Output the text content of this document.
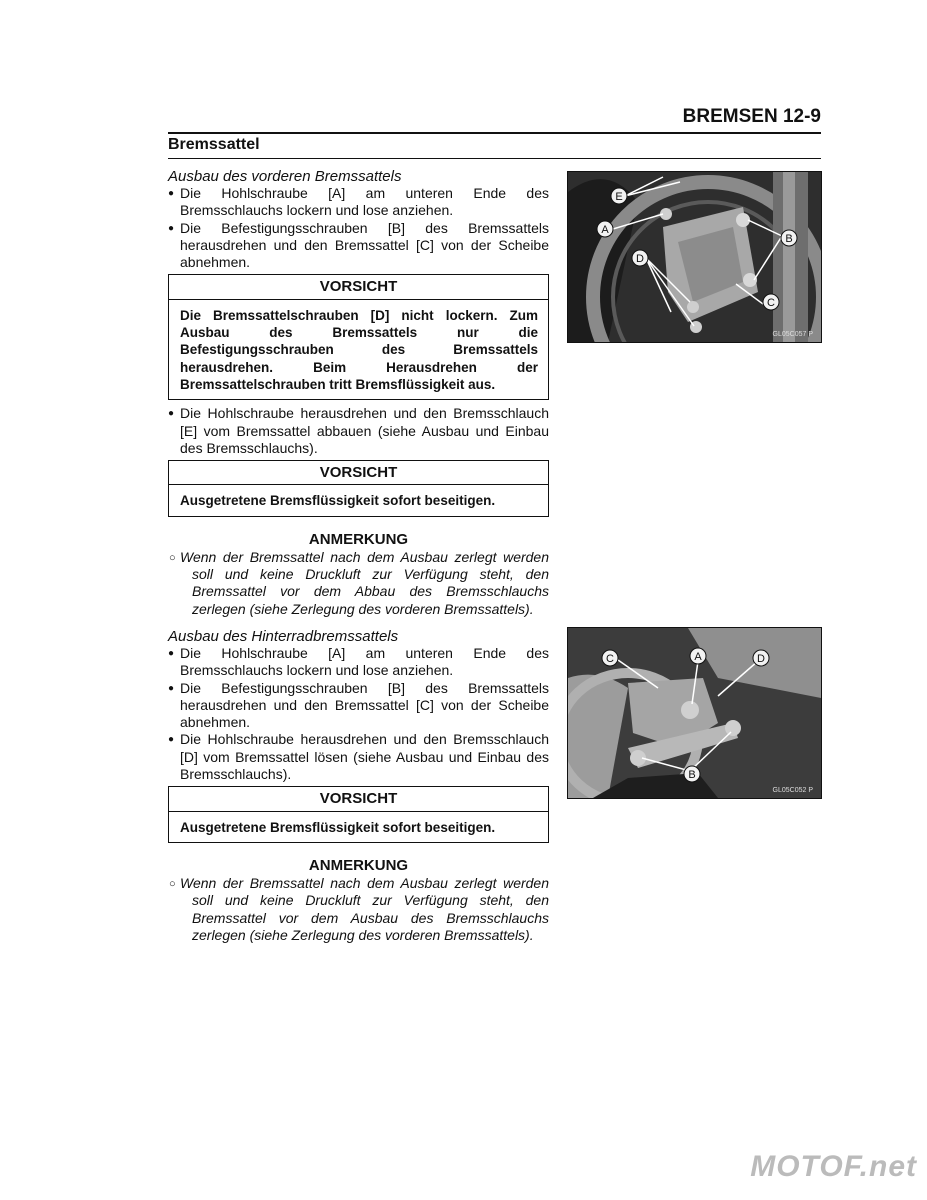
BREMSEN 12-9
Bremssattel
Ausbau des vorderen Bremssattels
● Die Hohlschraube [A] am unteren Ende des Bremsschlauchs lockern und lose anziehen.
● Die Befestigungsschrauben [B] des Bremssattels herausdrehen und den Bremssattel [C] von der Scheibe abnehmen.
VORSICHT
Die Bremssattelschrauben [D] nicht lockern. Zum Ausbau des Bremssattels nur die Befestigungsschrauben des Bremssattels herausdrehen. Beim Herausdrehen der Bremssattelschrauben tritt Bremsflüssigkeit aus.
● Die Hohlschraube herausdrehen und den Bremsschlauch [E] vom Bremssattel abbauen (siehe Ausbau und Einbau des Bremsschlauchs).
VORSICHT
Ausgetretene Bremsflüssigkeit sofort beseitigen.
ANMERKUNG
○ Wenn der Bremssattel nach dem Ausbau zerlegt werden soll und keine Druckluft zur Verfügung steht, den Bremssattel vor dem Abbau des Bremsschlauchs zerlegen (siehe Zerlegung des vorderen Bremssattels).

Ausbau des Hinterradbremssattels
● Die Hohlschraube [A] am unteren Ende des Bremsschlauchs lockern und lose anziehen.
● Die Befestigungsschrauben [B] des Bremssattels herausdrehen und den Bremssattel [C] von der Scheibe abnehmen.
● Die Hohlschraube herausdrehen und den Bremsschlauch [D] vom Bremssattel lösen (siehe Ausbau und Einbau des Bremsschlauchs).
VORSICHT
Ausgetretene Bremsflüssigkeit sofort beseitigen.
ANMERKUNG
○ Wenn der Bremssattel nach dem Ausbau zerlegt werden soll und keine Druckluft zur Verfügung steht, den Bremssattel vor dem Ausbau des Bremsschlauchs zerlegen (siehe Zerlegung des vorderen Bremssattels).

E
A
D
B
C
GL05C057 P
C	A	D
B
GL05C052 P
MOTOF.net
